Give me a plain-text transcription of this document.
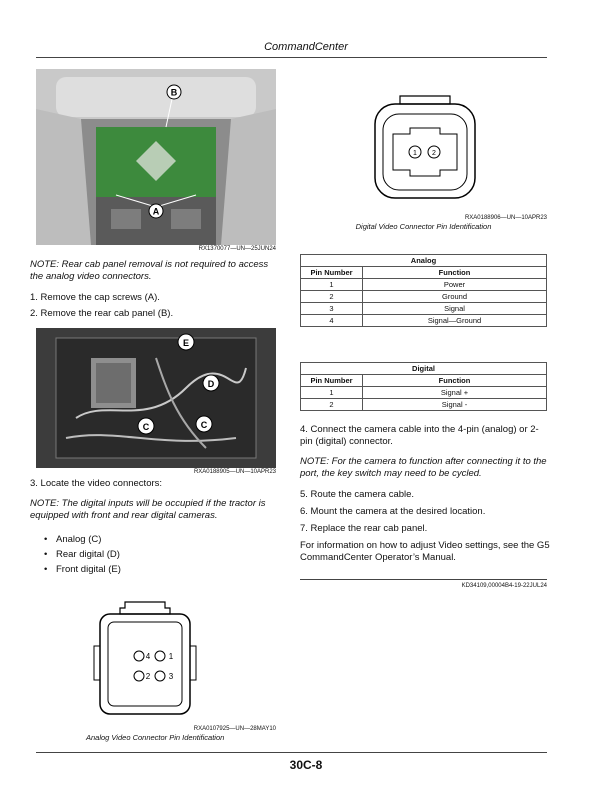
CommandCenter
A
B
RX1370077—UN—25JUN24
NOTE: Rear cab panel removal is not required to access the analog video connectors.
1. Remove the cap screws (A).
2. Remove the rear cab panel (B).
E
D
C	C
RXA0188905—UN—10APR23
3. Locate the video connectors:
NOTE: The digital inputs will be occupied if the tractor is equipped with front and rear digital cameras.
• Analog (C)
• Rear digital (D)
• Front digital (E)
4 1
2 3
RXA0107925—UN—28MAY10
Analog Video Connector Pin Identification
1 2
RXA0188906—UN—10APR23
Digital Video Connector Pin Identification
Analog	
Pin Number	Function
1	Power
2	Ground
3	Signal
4	Signal—Ground
Digital	
Pin Number	Function
1	Signal +
2	Signal -
4. Connect the camera cable into the 4-pin (analog) or 2-pin (digital) connector.
NOTE: For the camera to function after connecting it to the port, the key switch may need to be cycled.
5. Route the camera cable.
6. Mount the camera at the desired location.
7. Replace the rear cab panel.
For information on how to adjust Video settings, see the G5 CommandCenter Operator’s Manual.
KD34109,00004B4-19-22JUL24
30C-8
